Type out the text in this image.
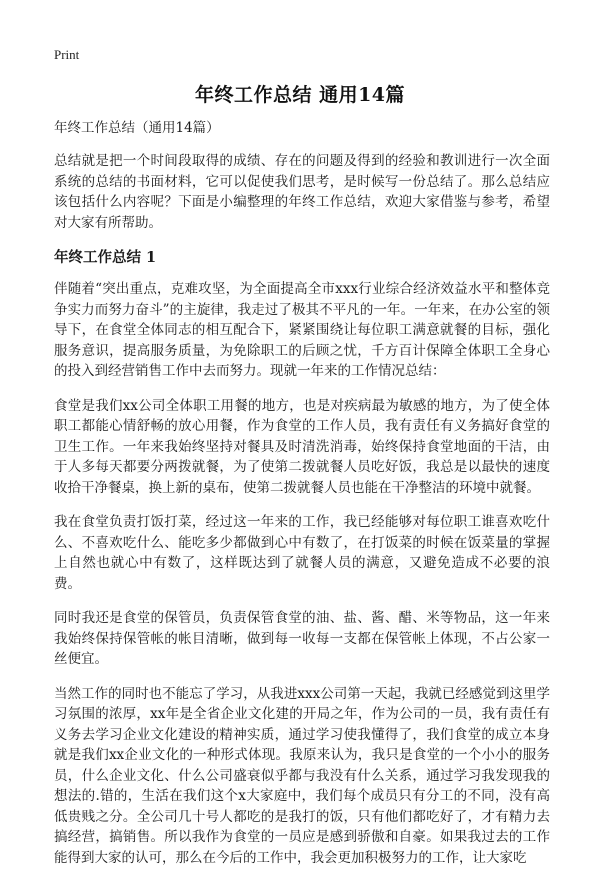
Print
年终工作总结 通用14篇
年终工作总结（通用14篇）

总结就是把一个时间段取得的成绩、存在的问题及得到的经验和教训进行一次全面系统的总结的书面材料，它可以促使我们思考，是时候写一份总结了。那么总结应该包括什么内容呢？下面是小编整理的年终工作总结，欢迎大家借鉴与参考，希望对大家有所帮助。

年终工作总结 1

伴随着“突出重点，克难攻坚，为全面提高全市xxx行业综合经济效益水平和整体竞争实力而努力奋斗”的主旋律，我走过了极其不平凡的一年。一年来，在办公室的领导下，在食堂全体同志的相互配合下，紧紧围绕让每位职工满意就餐的目标，强化服务意识，提高服务质量，为免除职工的后顾之忧，千方百计保障全体职工全身心的投入到经营销售工作中去而努力。现就一年来的工作情况总结：

食堂是我们xx公司全体职工用餐的地方，也是对疾病最为敏感的地方，为了使全体职工都能心情舒畅的放心用餐，作为食堂的工作人员，我有责任有义务搞好食堂的卫生工作。一年来我始终坚持对餐具及时清洗消毒，始终保持食堂地面的干洁，由于人多每天都要分两拨就餐，为了使第二拨就餐人员吃好饭，我总是以最快的速度收拾干净餐桌，换上新的桌布，使第二拨就餐人员也能在干净整洁的环境中就餐。

我在食堂负责打饭打菜，经过这一年来的工作，我已经能够对每位职工谁喜欢吃什么、不喜欢吃什么、能吃多少都做到心中有数了，在打饭菜的时候在饭菜量的掌握上自然也就心中有数了，这样既达到了就餐人员的满意，又避免造成不必要的浪费。

同时我还是食堂的保管员，负责保管食堂的油、盐、酱、醋、米等物品，这一年来我始终保持保管帐的帐目清晰，做到每一收每一支都在保管帐上体现，不占公家一丝便宜。

当然工作的同时也不能忘了学习，从我进xxx公司第一天起，我就已经感觉到这里学习氛围的浓厚，xx年是全省企业文化建的开局之年，作为公司的一员，我有责任有义务去学习企业文化建设的精神实质，通过学习使我懂得了，我们食堂的成立本身就是我们xx企业文化的一种形式体现。我原来认为，我只是食堂的一个小小的服务员，什么企业文化、什么公司盛衰似乎都与我没有什么关系，通过学习我发现我的想法的.错的，生活在我们这个x大家庭中，我们每个成员只有分工的不同，没有高低贵贱之分。全公司几十号人都吃的是我打的饭，只有他们都吃好了，才有精力去搞经营，搞销售。所以我作为食堂的一员应是感到骄傲和自豪。如果我过去的工作能得到大家的认可，那么在今后的工作中，我会更加积极努力的工作，让大家吃
